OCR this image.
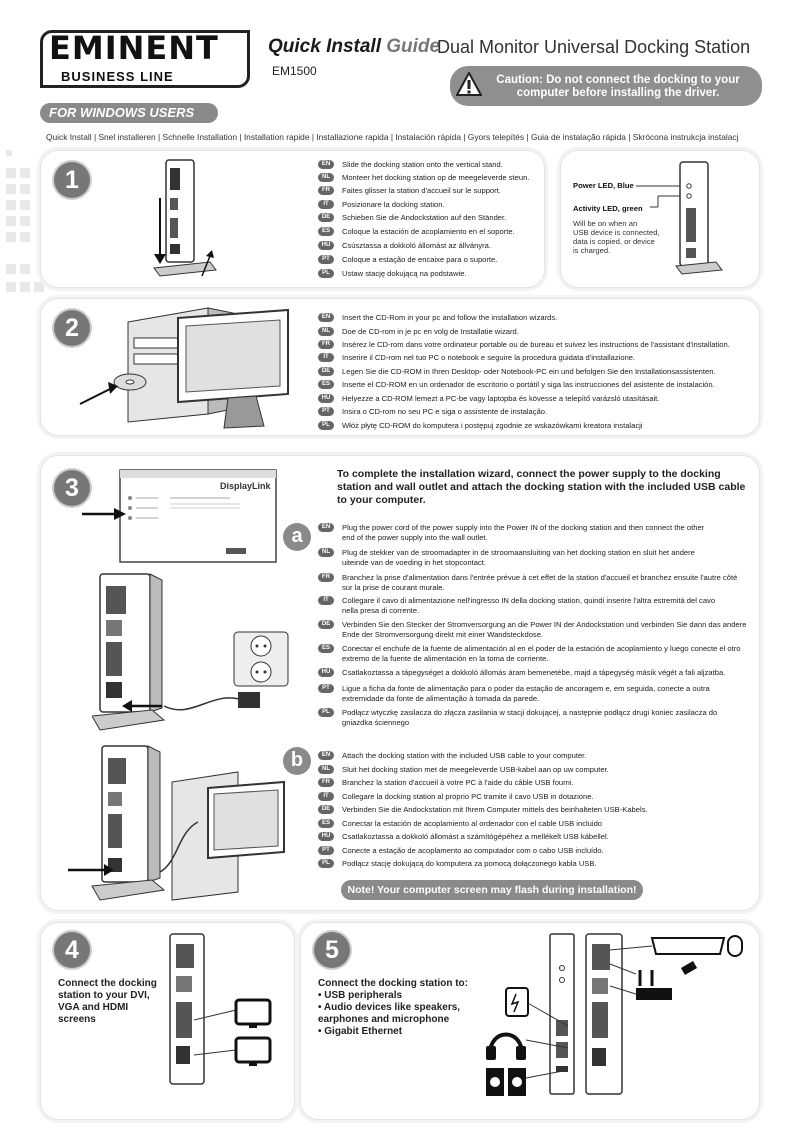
EMINENT
BUSINESS LINE
Quick Install Guide
Dual Monitor Universal Docking Station
EM1500
Caution: Do not connect the docking to your computer before installing the driver.
FOR WINDOWS USERS
Quick Install | Snel installeren | Schnelle Installation | Installation rapide | Installazione rapida | Instalación rápida | Gyors telepítés | Guia de instalação rápida | Skrócona instrukcja instalacj
1
EN	Slide the docking station onto the vertical stand.
NL	Monteer het docking station op de meegeleverde steun.
FR	Faites glisser la station d'accueil sur le support.
IT	Posizionare la docking station.
DE	Schieben Sie die Andockstation auf den Ständer.
ES	Coloque la estación de acoplamiento en el soporte.
HU	Csúsztassa a dokkoló állomást az állványra.
PT	Coloque a estação de encaixe para o suporte.
PL	Ustaw stację dokującą na podstawie.
Power LED, Blue
Activity LED, green
Will be on when an
USB device is connected,
data is copied, or device
is charged.
2	EN	Insert the CD-Rom in your pc and follow the installation wizards.
NL	Doe de CD-rom in je pc en volg de Installatie wizard.
FR	Insérez le CD-rom dans votre ordinateur portable ou de bureau et suivez les instructions de l'assistant d'installation.
IT	Inserire il CD-rom nel tuo PC o notebook e seguire la procedura guidata d'installazione.
DE	Legen Sie die CD-ROM in Ihren Desktop- oder Notebook-PC ein und befolgen Sie den Installationsassistenten.
ES	Inserte el CD-ROM en un ordenador de escritorio o portátil y siga las instrucciones del asistente de instalación.
HU	Helyezze a CD-ROM lemezt a PC-be vagy laptopba és kövesse a telepítő varázsló utasításait.
PT	Insira o CD-rom no seu PC e siga o assistente de instalação.
PL	Włóż płytę CD-ROM do komputera i postępuj zgodnie ze wskazówkami kreatora instalacji
3	DisplayLink
To complete the installation wizard, connect the power supply to the docking station and wall outlet and attach the docking station with the included USB cable to your computer.
a	EN	Plug the power cord of the power supply into the Power IN of the docking station and then connect the other
end of the power supply into the wall outlet.
NL	Plug de stekker van de stroomadapter in de stroomaansluiting van het docking station en sluit het andere
uiteinde van de voeding in het stopcontact.
FR	Branchez la prise d'alimentation dans l'entrée prévue à cet effet de la station d'accueil et branchez ensuite l'autre côté
sur la prise de courant murale.
IT	Collegare il cavo di alimentazione nell'ingresso IN della docking station, quindi inserire l'altra estremità del cavo
nella presa di corrente.
DE	Verbinden Sie den Stecker der Stromversorgung an die Power IN der Andockstation und verbinden Sie dann das andere
Ende der Stromversorgung direkt mit einer Wandsteckdose.
ES	Conectar el enchufe de la fuente de alimentación al en el poder de la estación de acoplamiento y luego conecte el otro
extremo de la fuente de alimentación en la toma de corriente.
HU	Csatlakoztassa a tápegységet a dokkoló állomás áram bemenetébe, majd a tápegység másik végét a fali aljzatba.
PT	Ligue a ficha da fonte de alimentação para o poder da estação de ancoragem e, em seguida, conecte a outra
extremidade da fonte de alimentação à tomada da parede.
PL	Podłącz wtyczkę zasilacza do złącza zasilania w stacji dokującej, a następnie podłącz drugi koniec zasilacza do
gniazdka ściennego
b	EN	Attach the docking station with the included USB cable to your computer.
NL	Sluit het docking station met de meegeleverde USB-kabel aan op uw computer.
FR	Branchez la station d'accueil à votre PC à l'aide du câble USB fourni.
IT	Collegare la docking station al proprio PC tramite il cavo USB in dotazione.
DE	Verbinden Sie die Andockstation mit Ihrem Computer mittels des beinhalteten USB-Kabels.
ES	Conectar la estación de acoplamiento al ordenador con el cable USB incluido
HU	Csatlakoztassa a dokkoló állomást a számítógépéhez a mellékelt USB kábellel.
PT	Conecte a estação de acoplamento ao computador com o cabo USB incluído.
PL	Podłącz stację dokującą do komputera za pomocą dołączonego kabla USB.
Note! Your computer screen may flash during installation!
4
Connect the docking
station to your DVI,
VGA and HDMI
screens
5
Connect the docking station to:
• USB peripherals
• Audio devices like speakers,
earphones and microphone
• Gigabit Ethernet
